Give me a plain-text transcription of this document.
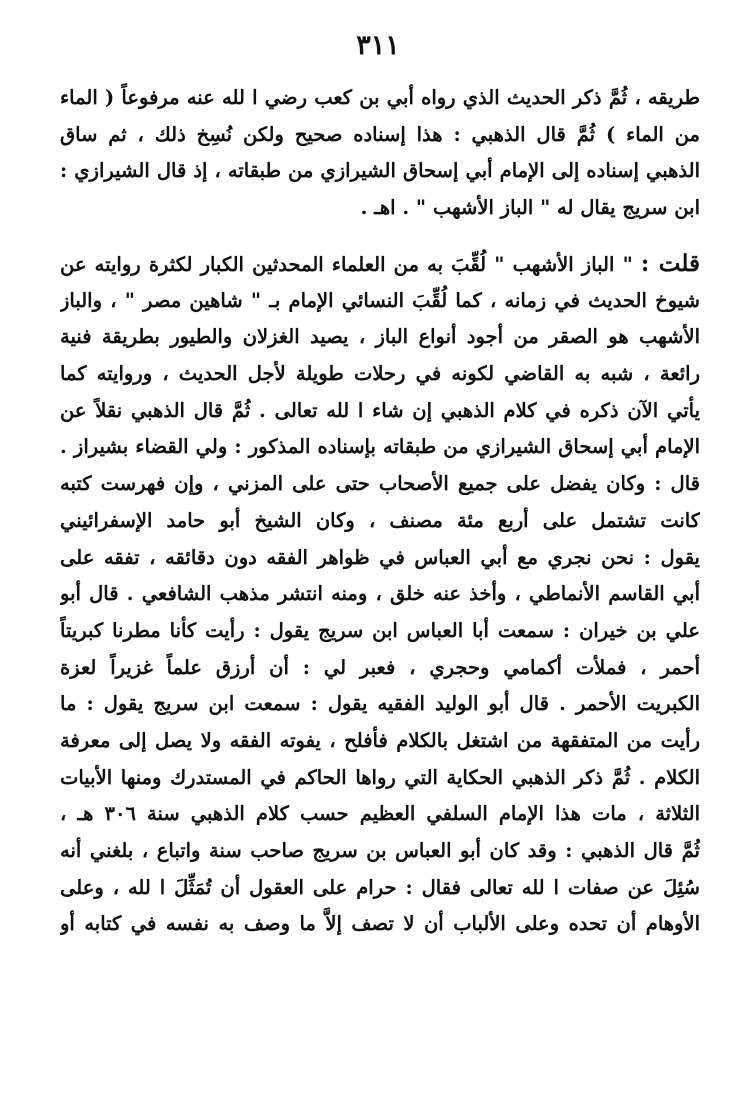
٣١١
طريقه ، ثُمَّ ذكر الحديث الذي رواه أبي بن كعب رضي ا لله عنه مرفوعاً ( الماء
من الماء ) ثُمَّ قال الذهبي : هذا إسناده صحيح ولكن نُسِخ ذلك ، ثم ساق
الذهبي إسناده إلى الإمام أبي إسحاق الشيرازي من طبقاته ، إذ قال الشيرازي :
ابن سريج يقال له " الباز الأشهب " . اهـ .
قلت : " الباز الأشهب " لُقِّبَ به من العلماء المحدثين الكبار لكثرة روايته عن
شيوخ الحديث في زمانه ، كما لُقِّبَ النسائي الإمام بـ " شاهين مصر " ، والباز
الأشهب هو الصقر من أجود أنواع الباز ، يصيد الغزلان والطيور بطريقة فنية
رائعة ، شبه به القاضي لكونه في رحلات طويلة لأجل الحديث ، وروايته كما
يأتي الآن ذكره في كلام الذهبي إن شاء ا لله تعالى . ثُمَّ قال الذهبي نقلاً عن
الإمام أبي إسحاق الشيرازي من طبقاته بإسناده المذكور : ولي القضاء بشيراز .
قال : وكان يفضل على جميع الأصحاب حتى على المزني ، وإن فهرست كتبه
كانت تشتمل على أربع مئة مصنف ، وكان الشيخ أبو حامد الإسفرائيني
يقول : نحن نجري مع أبي العباس في ظواهر الفقه دون دقائقه ، تفقه على
أبي القاسم الأنماطي ، وأخذ عنه خلق ، ومنه انتشر مذهب الشافعي . قال أبو
علي بن خيران : سمعت أبا العباس ابن سريج يقول : رأيت كأنا مطرنا كبريتاً
أحمر ، فملأت أكمامي وحجري ، فعبر لي : أن أرزق علماً غزيراً لعزة
الكبريت الأحمر . قال أبو الوليد الفقيه يقول : سمعت ابن سريج يقول : ما
رأيت من المتفقهة من اشتغل بالكلام فأفلح ، يفوته الفقه ولا يصل إلى معرفة
الكلام . ثُمَّ ذكر الذهبي الحكاية التي رواها الحاكم في المستدرك ومنها الأبيات
الثلاثة ، مات هذا الإمام السلفي العظيم حسب كلام الذهبي سنة ٣٠٦ هـ ،
ثُمَّ قال الذهبي : وقد كان أبو العباس بن سريج صاحب سنة واتباع ، بلغني أنه
سُئِلَ عن صفات ا لله تعالى فقال : حرام على العقول أن تُمَثِّلَ ا لله ، وعلى
الأوهام أن تحده وعلى الألباب أن لا تصف إلاَّ ما وصف به نفسه في كتابه أو
